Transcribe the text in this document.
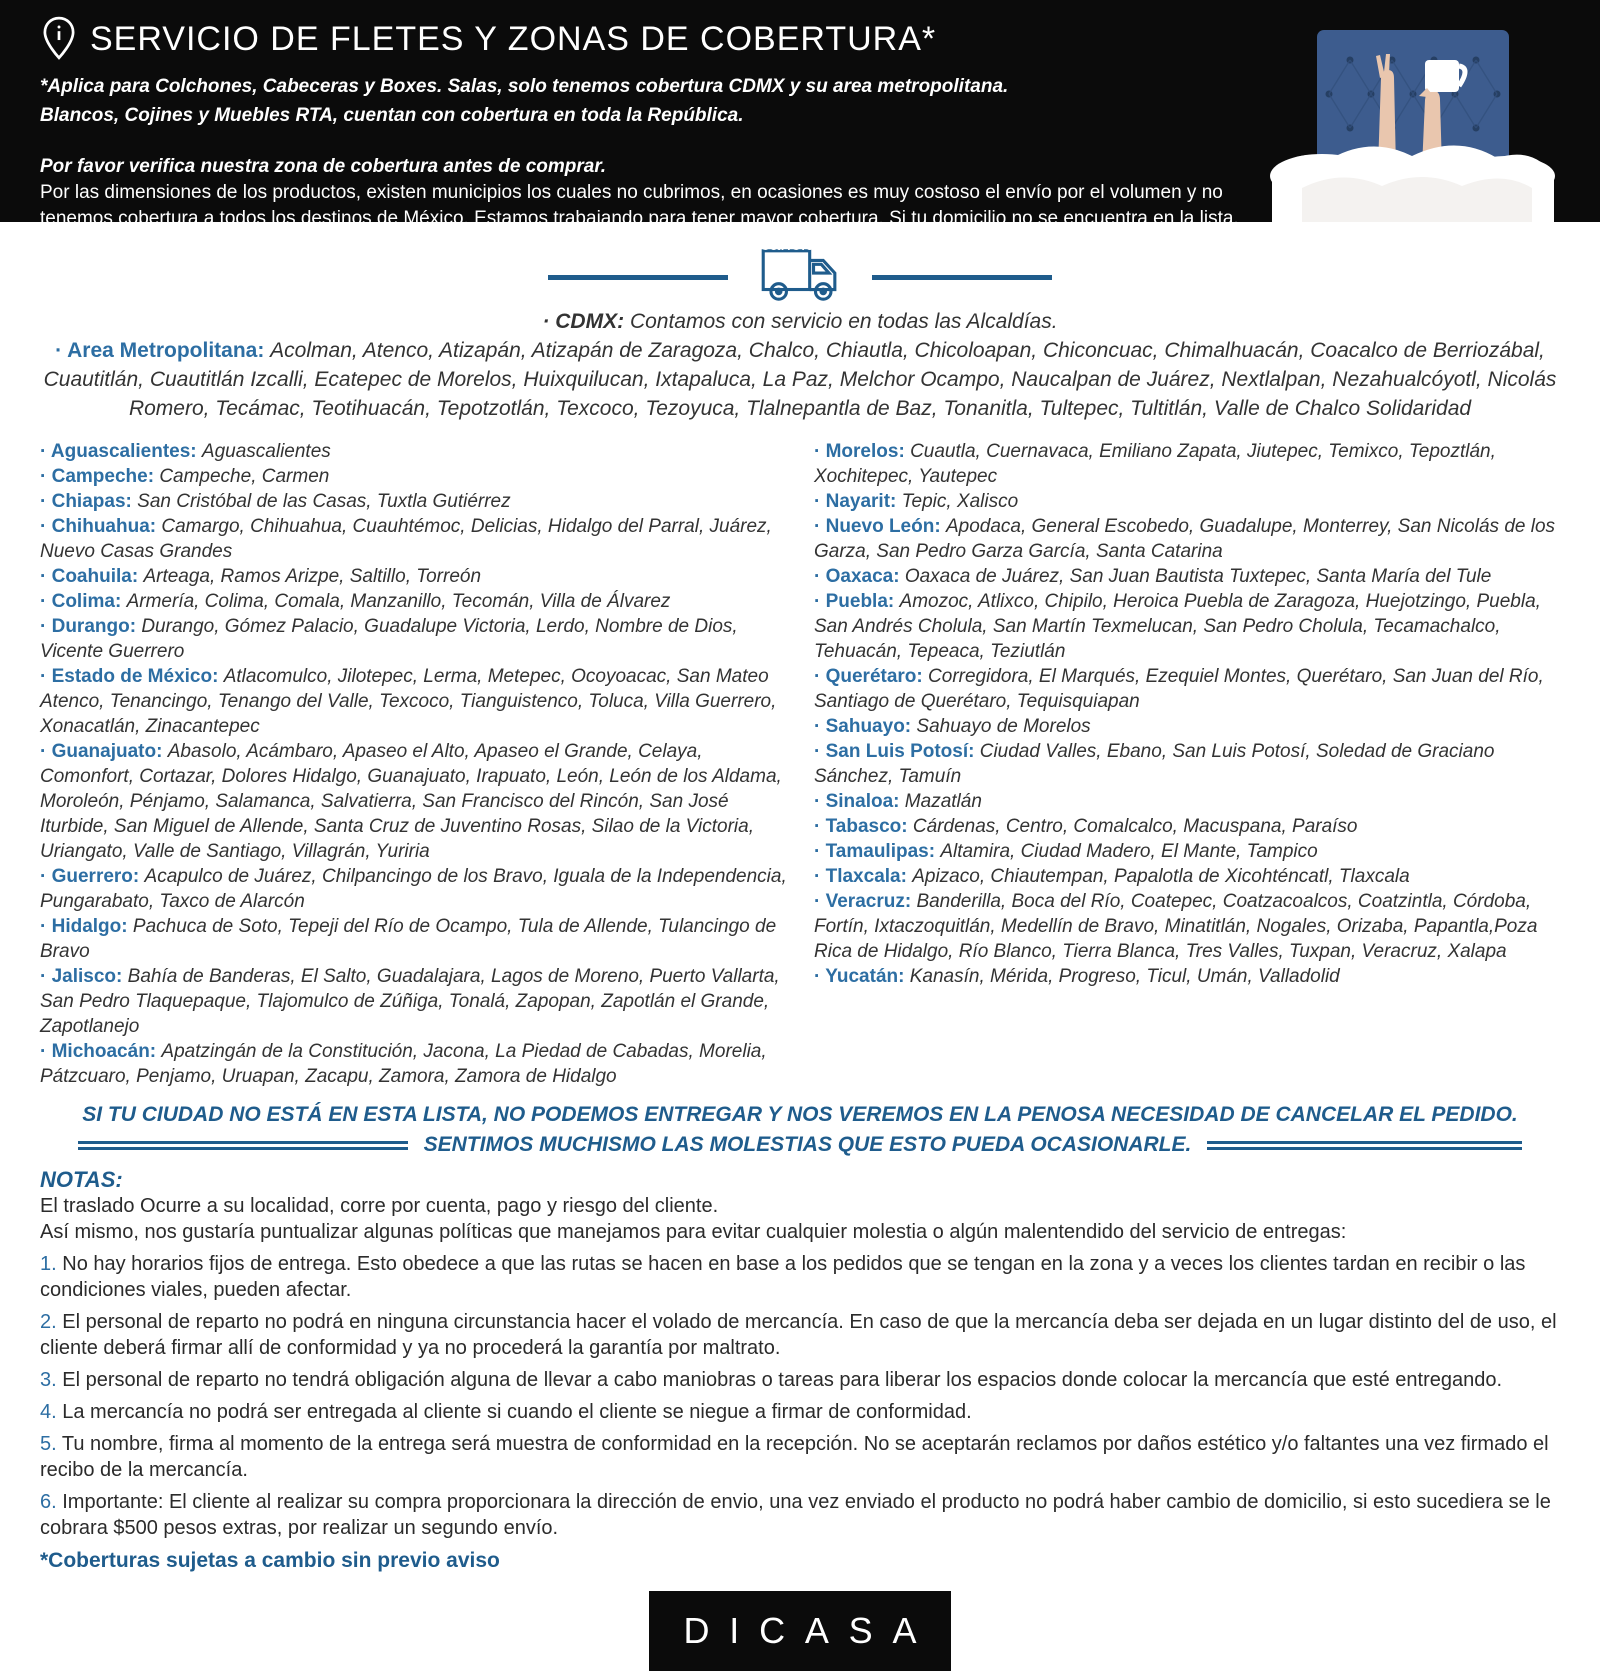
SERVICIO DE FLETES Y ZONAS DE COBERTURA*
*Aplica para Colchones, Cabeceras y Boxes. Salas, solo tenemos cobertura CDMX y su area metropolitana.
Blancos, Cojines y Muebles RTA, cuentan con cobertura en toda la República.
Por favor verifica nuestra zona de cobertura antes de comprar.
Por las dimensiones de los productos, existen municipios los cuales no cubrimos, en ocasiones es muy costoso el envío por el volumen y no tenemos cobertura a todos los destinos de México. Estamos trabajando para tener mayor cobertura. Si tu domicilio no se encuentra en la lista, lo podemos llevar a la ciudad más cercana para que de ahí, tú puedas recoger la mercancía. Esto se llama servicio Ocurre.
· CDMX: Contamos con servicio en todas las Alcaldías.
· Area Metropolitana: Acolman, Atenco, Atizapán, Atizapán de Zaragoza, Chalco, Chiautla, Chicoloapan, Chiconcuac, Chimalhuacán, Coacalco de Berriozábal, Cuautitlán, Cuautitlán Izcalli, Ecatepec de Morelos, Huixquilucan, Ixtapaluca, La Paz, Melchor Ocampo, Naucalpan de Juárez, Nextlalpan, Nezahualcóyotl, Nicolás Romero, Tecámac, Teotihuacán, Tepotzotlán, Texcoco, Tezoyuca, Tlalnepantla de Baz, Tonanitla, Tultepec, Tultitlán, Valle de Chalco Solidaridad
· Aguascalientes: Aguascalientes
· Campeche: Campeche, Carmen
· Chiapas: San Cristóbal de las Casas, Tuxtla Gutiérrez
· Chihuahua: Camargo, Chihuahua, Cuauhtémoc, Delicias, Hidalgo del Parral, Juárez, Nuevo Casas Grandes
· Coahuila: Arteaga, Ramos Arizpe, Saltillo, Torreón
· Colima: Armería, Colima, Comala, Manzanillo, Tecomán, Villa de Álvarez
· Durango: Durango, Gómez Palacio, Guadalupe Victoria, Lerdo, Nombre de Dios, Vicente Guerrero
· Estado de México: Atlacomulco, Jilotepec, Lerma, Metepec, Ocoyoacac, San Mateo Atenco, Tenancingo, Tenango del Valle, Texcoco, Tianguistenco, Toluca, Villa Guerrero, Xonacatlán, Zinacantepec
· Guanajuato: Abasolo, Acámbaro, Apaseo el Alto, Apaseo el Grande, Celaya, Comonfort, Cortazar, Dolores Hidalgo, Guanajuato, Irapuato, León, León de los Aldama, Moroleón, Pénjamo, Salamanca, Salvatierra, San Francisco del Rincón, San José Iturbide, San Miguel de Allende, Santa Cruz de Juventino Rosas, Silao de la Victoria, Uriangato, Valle de Santiago, Villagrán, Yuriria
· Guerrero: Acapulco de Juárez, Chilpancingo de los Bravo, Iguala de la Independencia, Pungarabato, Taxco de Alarcón
· Hidalgo: Pachuca de Soto, Tepeji del Río de Ocampo, Tula de Allende, Tulancingo de Bravo
· Jalisco: Bahía de Banderas, El Salto, Guadalajara, Lagos de Moreno, Puerto Vallarta, San Pedro Tlaquepaque, Tlajomulco de Zúñiga, Tonalá, Zapopan, Zapotlán el Grande, Zapotlanejo
· Michoacán: Apatzingán de la Constitución, Jacona, La Piedad de Cabadas, Morelia, Pátzcuaro, Penjamo, Uruapan, Zacapu, Zamora, Zamora de Hidalgo
· Morelos: Cuautla, Cuernavaca, Emiliano Zapata, Jiutepec, Temixco, Tepoztlán, Xochitepec, Yautepec
· Nayarit: Tepic, Xalisco
· Nuevo León: Apodaca, General Escobedo, Guadalupe, Monterrey, San Nicolás de los Garza, San Pedro Garza García, Santa Catarina
· Oaxaca: Oaxaca de Juárez, San Juan Bautista Tuxtepec, Santa María del Tule
· Puebla: Amozoc, Atlixco, Chipilo, Heroica Puebla de Zaragoza, Huejotzingo, Puebla, San Andrés Cholula, San Martín Texmelucan, San Pedro Cholula, Tecamachalco, Tehuacán, Tepeaca, Teziutlán
· Querétaro: Corregidora, El Marqués, Ezequiel Montes, Querétaro, San Juan del Río, Santiago de Querétaro, Tequisquiapan
· Sahuayo: Sahuayo de Morelos
· San Luis Potosí: Ciudad Valles, Ebano, San Luis Potosí, Soledad de Graciano Sánchez, Tamuín
· Sinaloa: Mazatlán
· Tabasco: Cárdenas, Centro, Comalcalco, Macuspana, Paraíso
· Tamaulipas: Altamira, Ciudad Madero, El Mante, Tampico
· Tlaxcala: Apizaco, Chiautempan, Papalotla de Xicohténcatl, Tlaxcala
· Veracruz: Banderilla, Boca del Río, Coatepec, Coatzacoalcos, Coatzintla, Córdoba, Fortín, Ixtaczoquitlán, Medellín de Bravo, Minatitlán, Nogales, Orizaba, Papantla,Poza Rica de Hidalgo, Río Blanco, Tierra Blanca, Tres Valles, Tuxpan, Veracruz, Xalapa
· Yucatán: Kanasín, Mérida, Progreso, Ticul, Umán, Valladolid
SI TU CIUDAD NO ESTÁ EN ESTA LISTA, NO PODEMOS ENTREGAR Y NOS VEREMOS EN LA PENOSA NECESIDAD DE CANCELAR EL PEDIDO.
SENTIMOS MUCHISMO LAS MOLESTIAS QUE ESTO PUEDA OCASIONARLE.
NOTAS:

El traslado Ocurre a su localidad, corre por cuenta, pago y riesgo del cliente.

Así mismo, nos gustaría puntualizar algunas políticas que manejamos para evitar cualquier molestia o algún malentendido del servicio de entregas:

1. No hay horarios fijos de entrega. Esto obedece a que las rutas se hacen en base a los pedidos que se tengan en la zona y a veces los clientes tardan en recibir o las condiciones viales, pueden afectar.

2. El personal de reparto no podrá en ninguna circunstancia hacer el volado de mercancía. En caso de que la mercancía deba ser dejada en un lugar distinto del de uso, el cliente deberá firmar allí de conformidad y ya no procederá la garantía por maltrato.

3. El personal de reparto no tendrá obligación alguna de llevar a cabo maniobras o tareas para liberar los espacios donde colocar la mercancía que esté entregando.

4. La mercancía no podrá ser entregada al cliente si cuando el cliente se niegue a firmar de conformidad.

5. Tu nombre, firma al momento de la entrega será muestra de conformidad en la recepción. No se aceptarán reclamos por daños estético y/o faltantes una vez firmado el recibo de la mercancía.

6. Importante: El cliente al realizar su compra proporcionara la dirección de envio, una vez enviado el producto no podrá haber cambio de domicilio, si esto sucediera se le cobrara $500 pesos extras, por realizar un segundo envío.

*Coberturas sujetas a cambio sin previo aviso
DICASA
